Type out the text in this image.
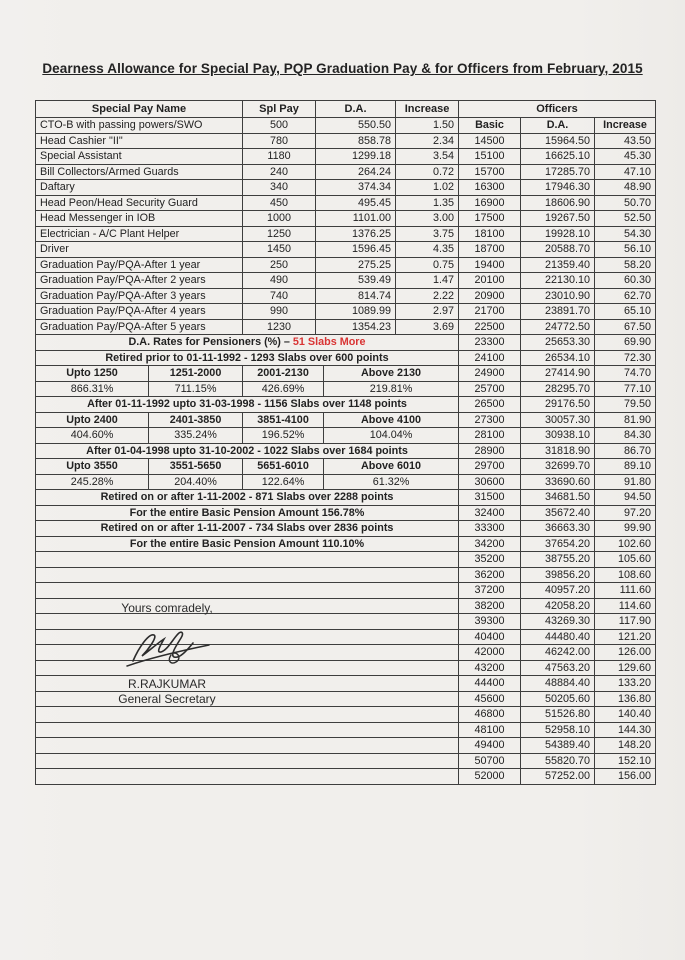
Dearness Allowance for Special Pay, PQP Graduation Pay & for Officers from February, 2015
Special Pay Name		Spl Pay	D.A.		Increase	Officers		
CTO-B with passing powers/SWO		500	550.50		1.50	Basic	D.A.	Increase
Head Cashier "II"		780	858.78		2.34	14500	15964.50	43.50
Special Assistant		1180	1299.18		3.54	15100	16625.10	45.30
Bill Collectors/Armed Guards		240	264.24		0.72	15700	17285.70	47.10
Daftary		340	374.34		1.02	16300	17946.30	48.90
Head Peon/Head Security Guard		450	495.45		1.35	16900	18606.90	50.70
Head Messenger in IOB		1000	1101.00		3.00	17500	19267.50	52.50
Electrician - A/C Plant Helper		1250	1376.25		3.75	18100	19928.10	54.30
Driver		1450	1596.45		4.35	18700	20588.70	56.10
Graduation Pay/PQA-After 1 year		250	275.25		0.75	19400	21359.40	58.20
Graduation Pay/PQA-After 2 years		490	539.49		1.47	20100	22130.10	60.30
Graduation Pay/PQA-After 3 years		740	814.74		2.22	20900	23010.90	62.70
Graduation Pay/PQA-After 4 years		990	1089.99		2.97	21700	23891.70	65.10
Graduation Pay/PQA-After 5 years		1230	1354.23		3.69	22500	24772.50	67.50
D.A. Rates for Pensioners (%) – 51 Slabs More						23300	25653.30	69.90
Retired prior to 01-11-1992 - 1293 Slabs over 600 points						24100	26534.10	72.30
Upto 1250	1251-2000	2001-2130		Above 2130		24900	27414.90	74.70
866.31%	711.15%	426.69%		219.81%		25700	28295.70	77.10
After 01-11-1992 upto 31-03-1998 - 1156 Slabs over 1148 points						26500	29176.50	79.50
Upto 2400	2401-3850	3851-4100		Above 4100		27300	30057.30	81.90
404.60%	335.24%	196.52%		104.04%		28100	30938.10	84.30
After 01-04-1998 upto 31-10-2002 - 1022 Slabs over 1684 points						28900	31818.90	86.70
Upto 3550	3551-5650	5651-6010		Above 6010		29700	32699.70	89.10
245.28%	204.40%	122.64%		61.32%		30600	33690.60	91.80
Retired on or after 1-11-2002 - 871 Slabs over 2288 points						31500	34681.50	94.50
For the entire Basic Pension Amount 156.78%						32400	35672.40	97.20
Retired on or after 1-11-2007 - 734 Slabs over 2836 points						33300	36663.30	99.90
For the entire Basic Pension Amount 110.10%						34200	37654.20	102.60
						35200	38755.20	105.60
						36200	39856.20	108.60
						37200	40957.20	111.60
						38200	42058.20	114.60
						39300	43269.30	117.90
						40400	44480.40	121.20
						42000	46242.00	126.00
						43200	47563.20	129.60
						44400	48884.40	133.20
						45600	50205.60	136.80
						46800	51526.80	140.40
						48100	52958.10	144.30
						49400	54389.40	148.20
						50700	55820.70	152.10
						52000	57252.00	156.00
Yours comradely,
R.RAJKUMAR
General Secretary
